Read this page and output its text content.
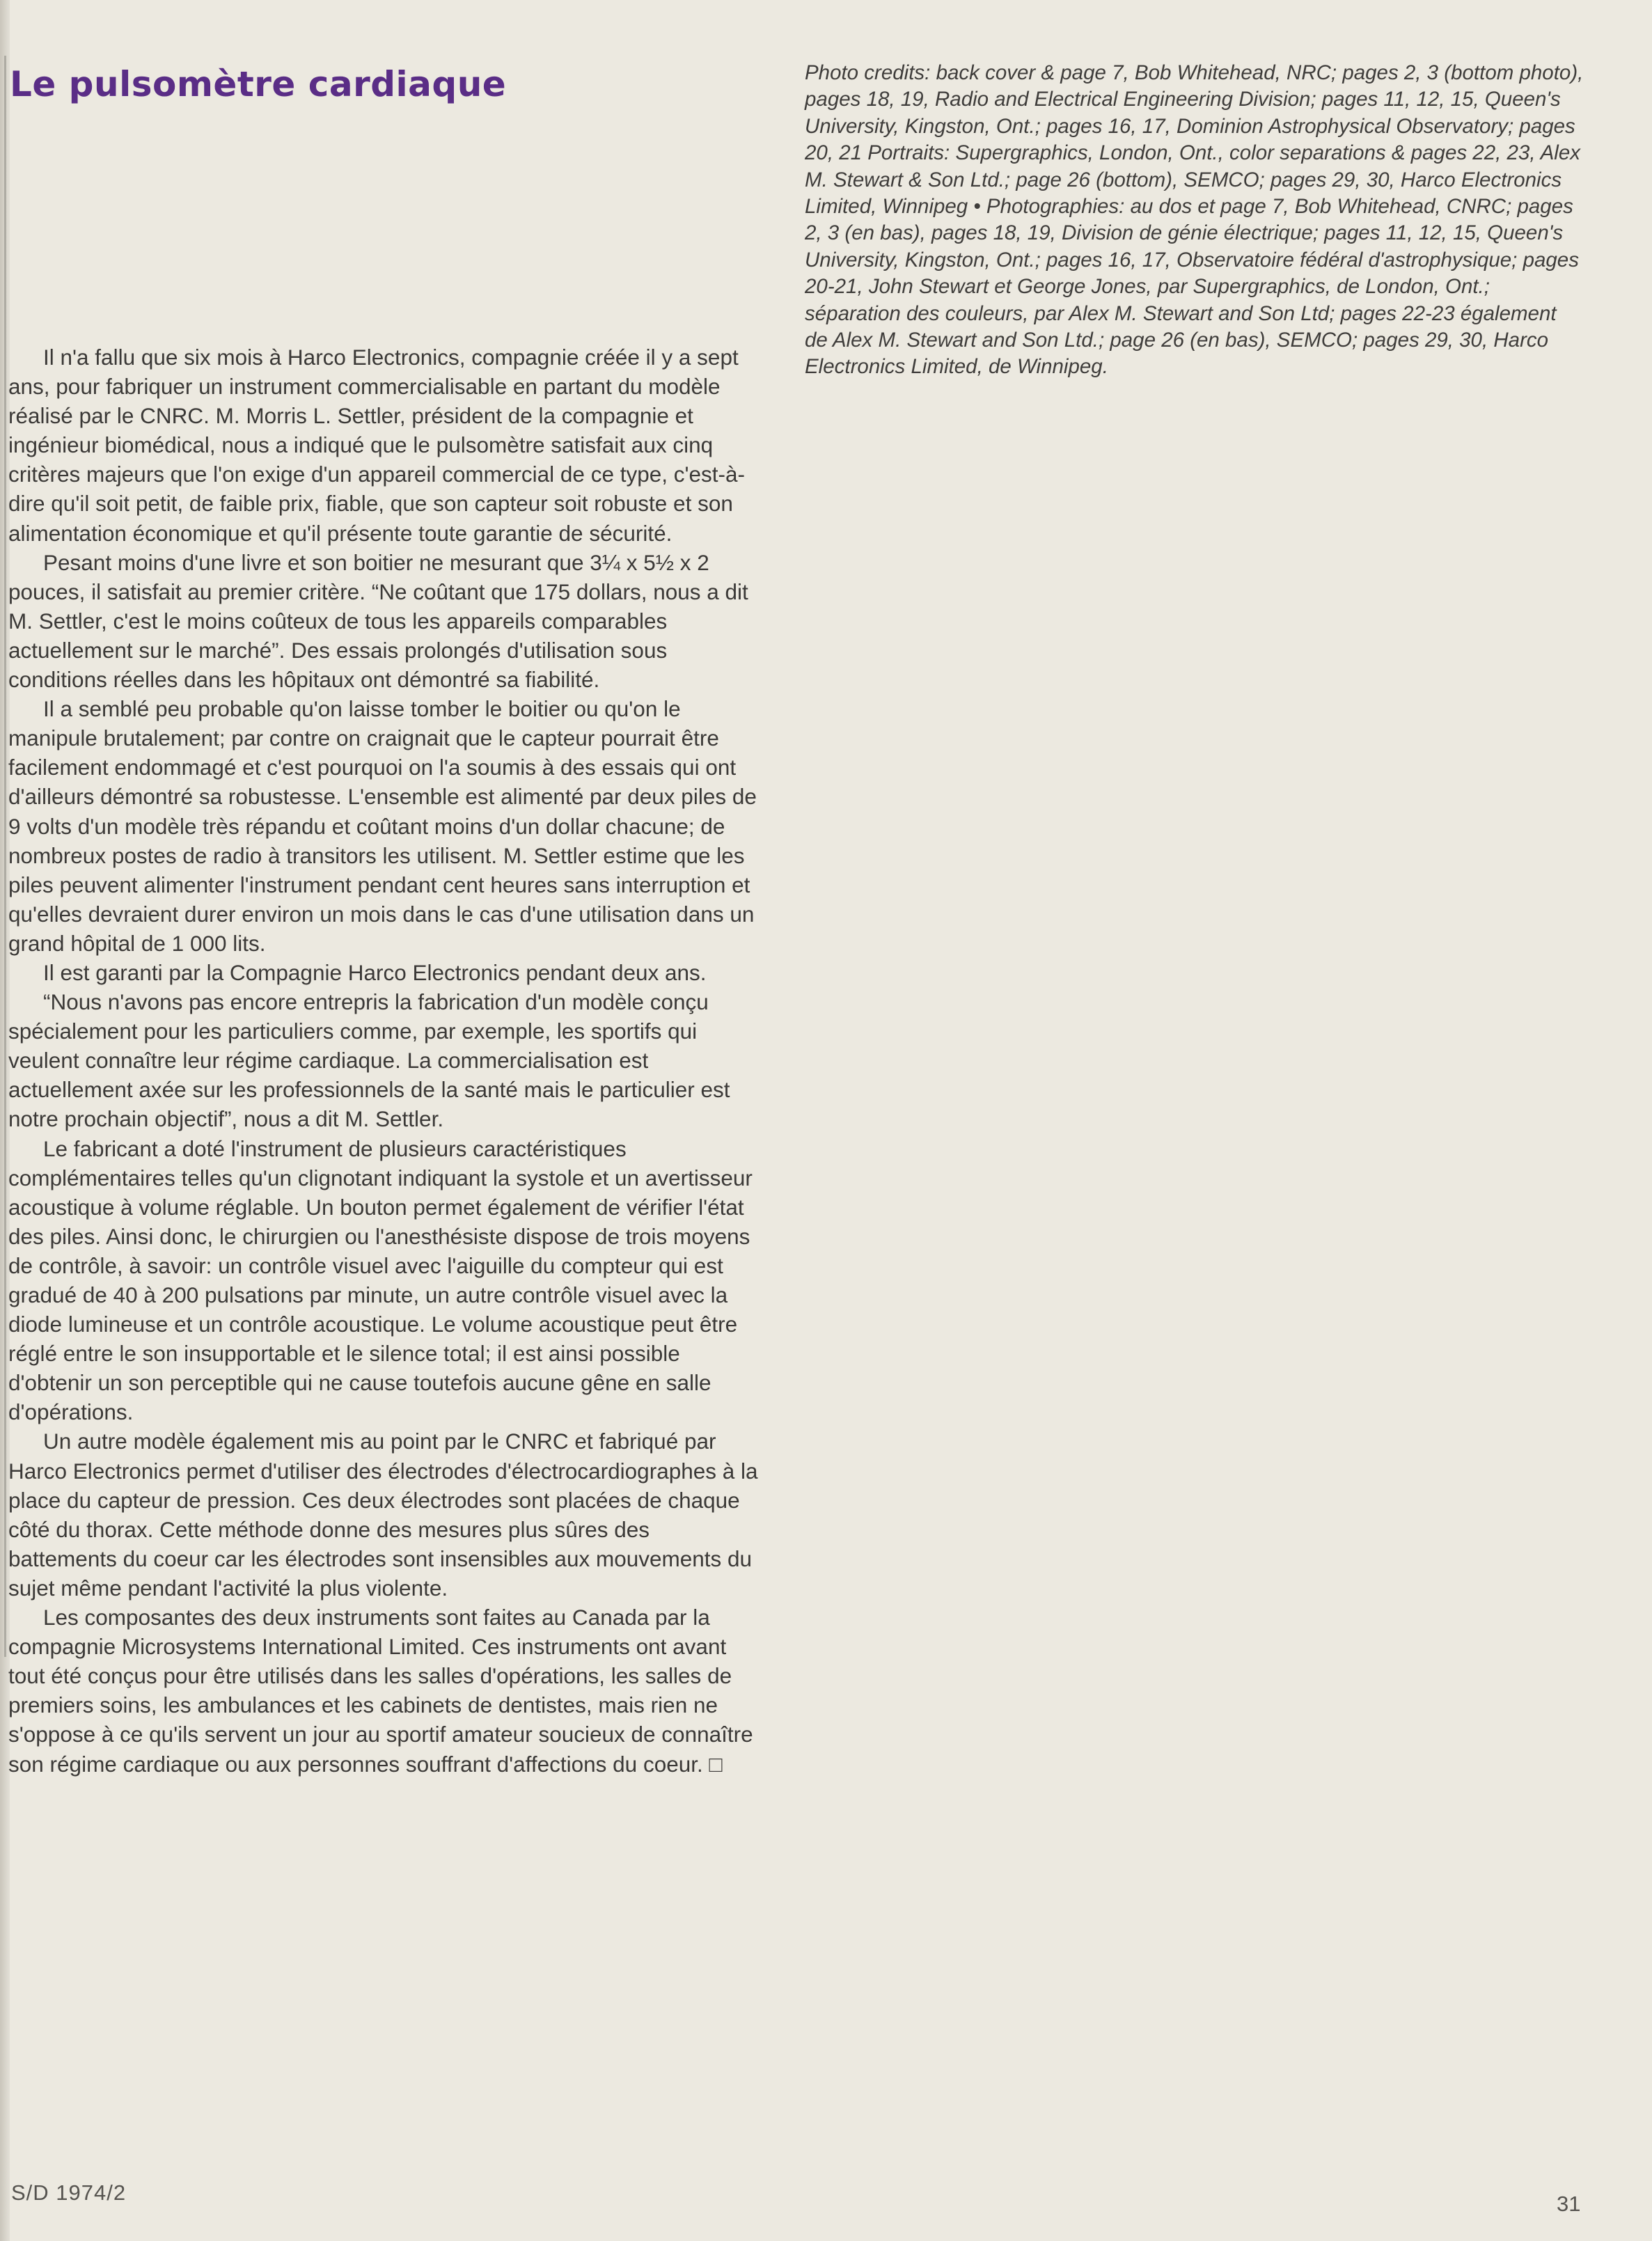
Le pulsomètre cardiaque

Il n'a fallu que six mois à Harco Electronics, compagnie créée il y a sept ans, pour fabriquer un instrument commercialisable en partant du modèle réalisé par le CNRC. M. Morris L. Settler, président de la compagnie et ingénieur biomédical, nous a indiqué que le pulsomètre satisfait aux cinq critères majeurs que l'on exige d'un appareil commercial de ce type, c'est-à-dire qu'il soit petit, de faible prix, fiable, que son capteur soit robuste et son alimentation économique et qu'il présente toute garantie de sécurité.

Pesant moins d'une livre et son boitier ne mesurant que 3¼ x 5½ x 2 pouces, il satisfait au premier critère. “Ne coûtant que 175 dollars, nous a dit M. Settler, c'est le moins coûteux de tous les appareils comparables actuellement sur le marché”. Des essais prolongés d'utilisation sous conditions réelles dans les hôpitaux ont démontré sa fiabilité.

Il a semblé peu probable qu'on laisse tomber le boitier ou qu'on le manipule brutalement; par contre on craignait que le capteur pourrait être facilement endommagé et c'est pourquoi on l'a soumis à des essais qui ont d'ailleurs démontré sa robustesse. L'ensemble est alimenté par deux piles de 9 volts d'un modèle très répandu et coûtant moins d'un dollar chacune; de nombreux postes de radio à transitors les utilisent. M. Settler estime que les piles peuvent alimenter l'instrument pendant cent heures sans interruption et qu'elles devraient durer environ un mois dans le cas d'une utilisation dans un grand hôpital de 1 000 lits.

Il est garanti par la Compagnie Harco Electronics pendant deux ans.

“Nous n'avons pas encore entrepris la fabrication d'un modèle conçu spécialement pour les particuliers comme, par exemple, les sportifs qui veulent connaître leur régime cardiaque. La commercialisation est actuellement axée sur les professionnels de la santé mais le particulier est notre prochain objectif”, nous a dit M. Settler.

Le fabricant a doté l'instrument de plusieurs caractéristiques complémentaires telles qu'un clignotant indiquant la systole et un avertisseur acoustique à volume réglable. Un bouton permet également de vérifier l'état des piles. Ainsi donc, le chirurgien ou l'anesthésiste dispose de trois moyens de contrôle, à savoir: un contrôle visuel avec l'aiguille du compteur qui est gradué de 40 à 200 pulsations par minute, un autre contrôle visuel avec la diode lumineuse et un contrôle acoustique. Le volume acoustique peut être réglé entre le son insupportable et le silence total; il est ainsi possible d'obtenir un son perceptible qui ne cause toutefois aucune gêne en salle d'opérations.

Un autre modèle également mis au point par le CNRC et fabriqué par Harco Electronics permet d'utiliser des électrodes d'électrocardiographes à la place du capteur de pression. Ces deux électrodes sont placées de chaque côté du thorax. Cette méthode donne des mesures plus sûres des battements du coeur car les électrodes sont insensibles aux mouvements du sujet même pendant l'activité la plus violente.

Les composantes des deux instruments sont faites au Canada par la compagnie Microsystems International Limited. Ces instruments ont avant tout été conçus pour être utilisés dans les salles d'opérations, les salles de premiers soins, les ambulances et les cabinets de dentistes, mais rien ne s'oppose à ce qu'ils servent un jour au sportif amateur soucieux de connaître son régime cardiaque ou aux personnes souffrant d'affections du coeur. □

Photo credits: back cover & page 7, Bob Whitehead, NRC; pages 2, 3 (bottom photo), pages 18, 19, Radio and Electrical Engineering Division; pages 11, 12, 15, Queen's University, Kingston, Ont.; pages 16, 17, Dominion Astrophysical Observatory; pages 20, 21 Portraits: Supergraphics, London, Ont., color separations & pages 22, 23, Alex M. Stewart & Son Ltd.; page 26 (bottom), SEMCO; pages 29, 30, Harco Electronics Limited, Winnipeg • Photographies: au dos et page 7, Bob Whitehead, CNRC; pages 2, 3 (en bas), pages 18, 19, Division de génie électrique; pages 11, 12, 15, Queen's University, Kingston, Ont.; pages 16, 17, Observatoire fédéral d'astrophysique; pages 20-21, John Stewart et George Jones, par Supergraphics, de London, Ont.; séparation des couleurs, par Alex M. Stewart and Son Ltd; pages 22-23 également de Alex M. Stewart and Son Ltd.; page 26 (en bas), SEMCO; pages 29, 30, Harco Electronics Limited, de Winnipeg.
S/D 1974/2	31
